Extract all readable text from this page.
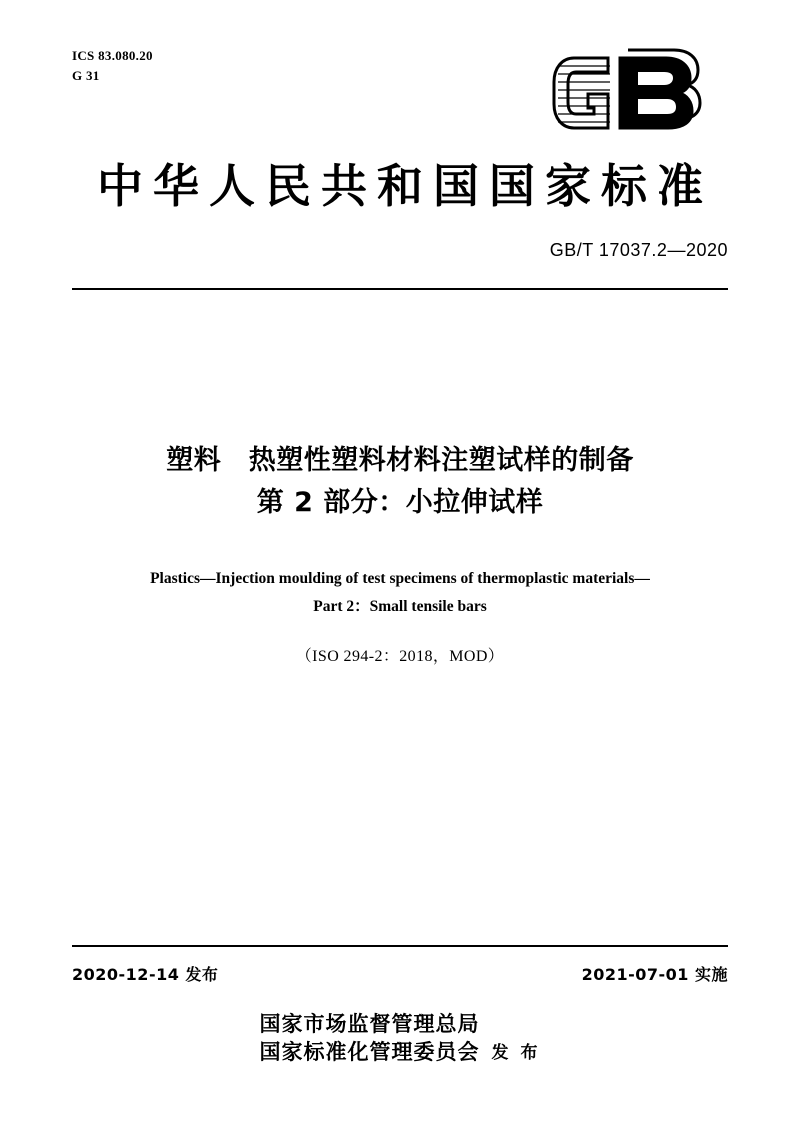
ICS 83.080.20
G 31
中华人民共和国国家标准
GB/T 17037.2—2020
塑料　热塑性塑料材料注塑试样的制备
第 2 部分：小拉伸试样
Plastics—Injection moulding of test specimens of thermoplastic materials—
Part 2：Small tensile bars
（ISO 294-2：2018，MOD）
2020-12-14 发布	2021-07-01 实施
国家市场监督管理总局
国家标准化管理委员会 发 布
